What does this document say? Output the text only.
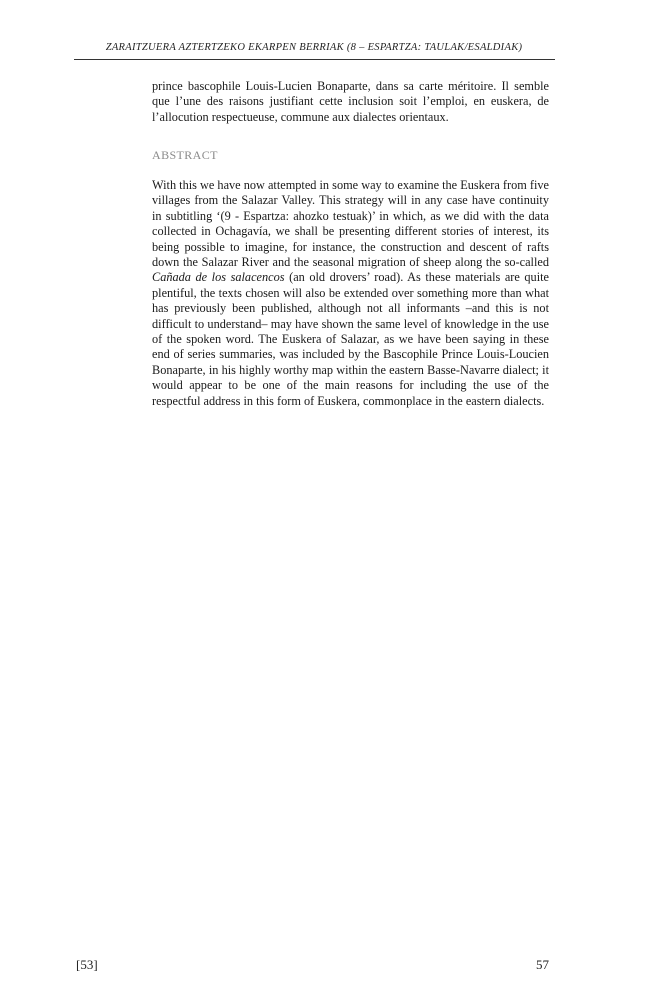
ZARAITZUERA AZTERTZEKO EKARPEN BERRIAK (8 – ESPARTZA: TAULAK/ESALDIAK)

prince bascophile Louis-Lucien Bonaparte, dans sa carte méritoire. Il semble que l’une des raisons justifiant cette inclusion soit l’emploi, en euskera, de l’allocution respectueuse, commune aux dialectes orientaux.

ABSTRACT

With this we have now attempted in some way to examine the Euskera from five villages from the Salazar Valley. This strategy will in any case have continuity in subtitling ‘(9 - Espartza: ahozko testuak)’ in which, as we did with the data collected in Ochagavía, we shall be presenting different stories of interest, its being possible to imagine, for instance, the construction and descent of rafts down the Salazar River and the seasonal migration of sheep along the so-called Cañada de los salacencos (an old drovers’ road). As these materials are quite plentiful, the texts chosen will also be extended over something more than what has previously been published, although not all informants –and this is not difficult to understand– may have shown the same level of knowledge in the use of the spoken word. The Euskera of Salazar, as we have been saying in these end of series summaries, was included by the Bascophile Prince Louis-Loucien Bonaparte, in his highly worthy map within the eastern Basse-Navarre dialect; it would appear to be one of the main reasons for including the use of the respectful address in this form of Euskera, commonplace in the eastern dialects.

[53]	57
